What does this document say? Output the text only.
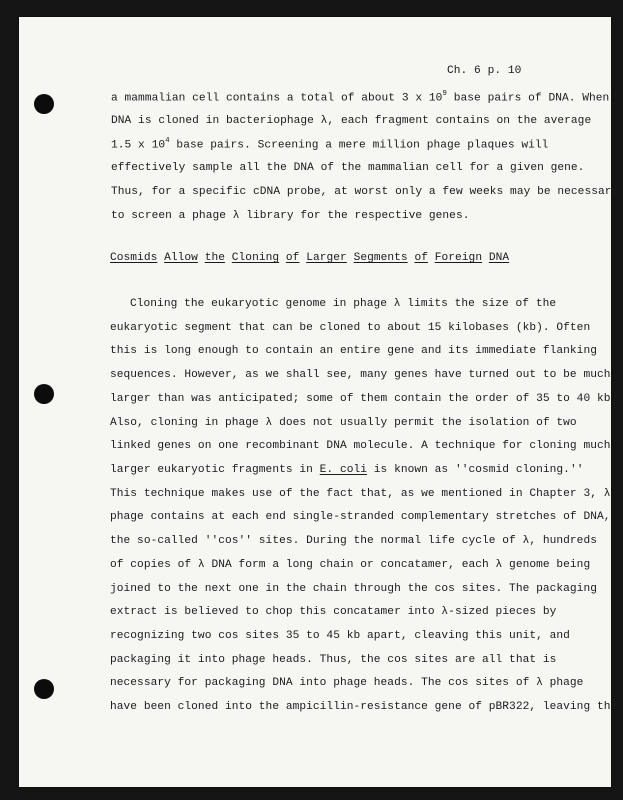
Ch. 6 p. 10
a mammalian cell contains a total of about 3 x $10^9$ base pairs of DNA. When
DNA is cloned in bacteriophage λ, each fragment contains on the average
1.5 x $10^4$ base pairs. Screening a mere million phage plaques will
effectively sample all the DNA of the mammalian cell for a given gene.
Thus, for a specific cDNA probe, at worst only a few weeks may be necessary
to screen a phage λ library for the respective genes.
Cosmids Allow the Cloning of Larger Segments of Foreign DNA
Cloning the eukaryotic genome in phage λ limits the size of the
eukaryotic segment that can be cloned to about 15 kilobases (kb). Often
this is long enough to contain an entire gene and its immediate flanking
sequences. However, as we shall see, many genes have turned out to be much
larger than was anticipated; some of them contain the order of 35 to 40 kb.
Also, cloning in phage λ does not usually permit the isolation of two
linked genes on one recombinant DNA molecule. A technique for cloning much
larger eukaryotic fragments in E. coli is known as ''cosmid cloning.''
This technique makes use of the fact that, as we mentioned in Chapter 3, λ
phage contains at each end single-stranded complementary stretches of DNA,
the so-called ''cos'' sites. During the normal life cycle of λ, hundreds
of copies of λ DNA form a long chain or concatamer, each λ genome being
joined to the next one in the chain through the cos sites. The packaging
extract is believed to chop this concatamer into λ-sized pieces by
recognizing two cos sites 35 to 45 kb apart, cleaving this unit, and
packaging it into phage heads. Thus, the cos sites are all that is
necessary for packaging DNA into phage heads. The cos sites of λ phage
have been cloned into the ampicillin-resistance gene of pBR322, leaving the
